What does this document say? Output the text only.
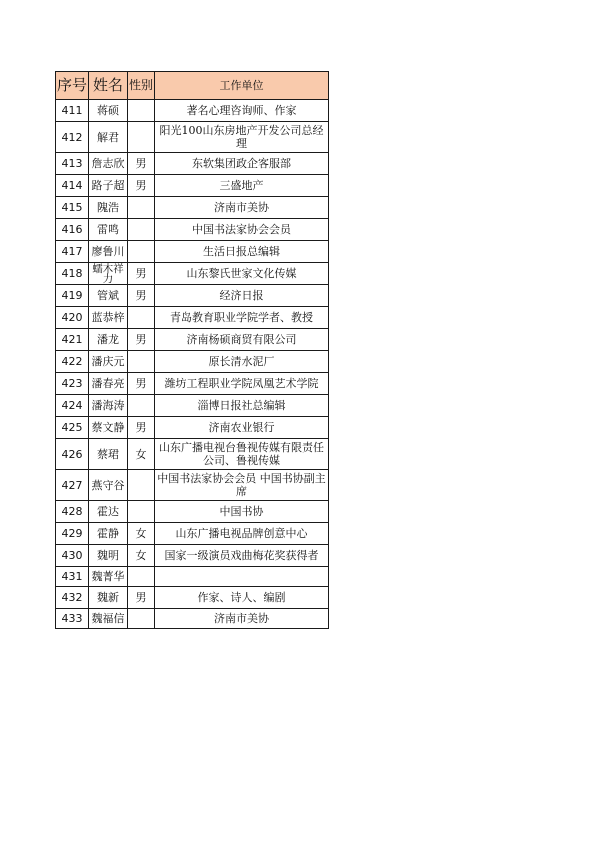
序号	姓名	性别	工作单位
411	蒋硕		著名心理咨询师、作家
412	解君		阳光100山东房地产开发公司总经理
413	詹志欣	男	东软集团政企客服部
414	路子超	男	三盛地产
415	隗浩		济南市美协
416	雷鸣		中国书法家协会会员
417	廖鲁川		生活日报总编辑
418	蠕木祥力	男	山东黎氏世家文化传媒
419	管斌	男	经济日报
420	蓝恭梓		青岛教育职业学院学者、教授
421	潘龙	男	济南杨硕商贸有限公司
422	潘庆元		原长清水泥厂
423	潘春亮	男	潍坊工程职业学院凤凰艺术学院
424	潘海涛		淄博日报社总编辑
425	蔡文静	男	济南农业银行
426	蔡珺	女	山东广播电视台鲁视传媒有限责任公司、鲁视传媒
427	燕守谷		中国书法家协会会员 中国书协副主席
428	霍达		中国书协
429	霍静	女	山东广播电视品牌创意中心
430	魏明	女	国家一级演员戏曲梅花奖获得者
431	魏菁华		
432	魏新	男	作家、诗人、编剧
433	魏福信		济南市美协
